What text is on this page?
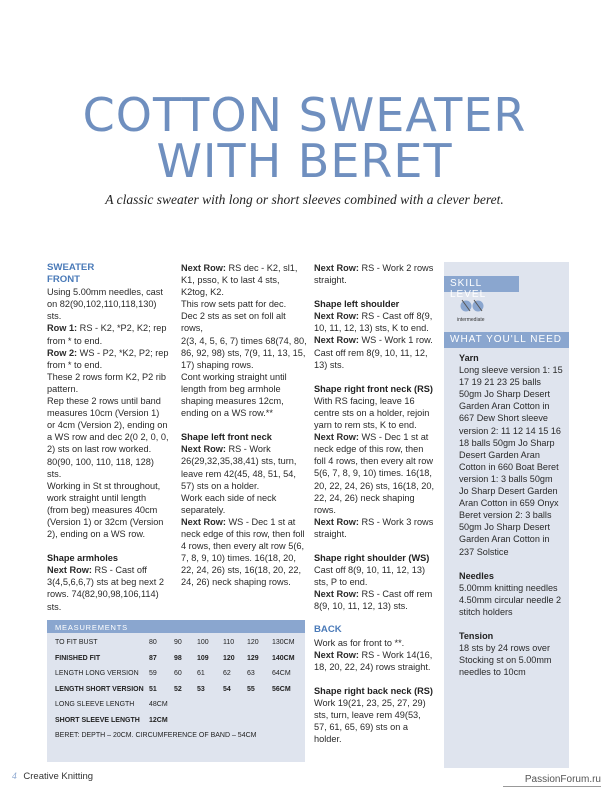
COTTON SWEATER
WITH BERET
A classic sweater with long or short sleeves combined with a clever beret.
SWEATER
FRONT
Using 5.00mm needles, cast on 82(90,102,110,118,130) sts.
Row 1: RS - K2, *P2, K2; rep from * to end.
Row 2: WS - P2, *K2, P2; rep from * to end.
These 2 rows form K2, P2 rib pattern.
Rep these 2 rows until band measures 10cm (Version 1) or 4cm (Version 2), ending on a WS row and dec 2(0 2, 0, 0, 2) sts on last row worked. 80(90, 100, 110, 118, 128) sts.
Working in St st throughout, work straight until length (from beg) measures 40cm (Version 1) or 32cm (Version 2), ending on a WS row.
Shape armholes
Next Row: RS - Cast off 3(4,5,6,6,7) sts at beg next 2 rows. 74(82,90,98,106,114) sts.
Next Row: RS dec - K2, sl1, K1, psso, K to last 4 sts, K2tog, K2.
This row sets patt for dec.
Dec 2 sts as set on foll alt rows,
2(3, 4, 5, 6, 7) times 68(74, 80, 86, 92, 98) sts, 7(9, 11, 13, 15, 17) shaping rows.
Cont working straight until length from beg armhole shaping measures 12cm, ending on a WS row.**
Shape left front neck
Next Row: RS - Work 26(29,32,35,38,41) sts, turn, leave rem 42(45, 48, 51, 54, 57) sts on a holder.
Work each side of neck separately.
Next Row: WS - Dec 1 st at neck edge of this row, then foll 4 rows, then every alt row 5(6, 7, 8, 9, 10) times. 16(18, 20, 22, 24, 26) sts, 16(18, 20, 22, 24, 26) neck shaping rows.
Next Row: RS - Work 2 rows straight.
Shape left shoulder
Next Row: RS - Cast off 8(9, 10, 11, 12, 13) sts, K to end.
Next Row: WS - Work 1 row. Cast off rem 8(9, 10, 11, 12, 13) sts.
Shape right front neck (RS)
With RS facing, leave 16 centre sts on a holder, rejoin yarn to rem sts, K to end.
Next Row: WS - Dec 1 st at neck edge of this row, then foll 4 rows, then every alt row 5(6, 7, 8, 9, 10) times. 16(18, 20, 22, 24, 26) sts, 16(18, 20, 22, 24, 26) neck shaping rows.
Next Row: RS - Work 3 rows straight.
Shape right shoulder (WS)
Cast off 8(9, 10, 11, 12, 13) sts, P to end.
Next Row: RS - Cast off rem 8(9, 10, 11, 12, 13) sts.
BACK
Work as for front to **.
Next Row: RS - Work 14(16, 18, 20, 22, 24) rows straight.
Shape right back neck (RS)
Work 19(21, 23, 25, 27, 29) sts, turn, leave rem 49(53, 57, 61, 65, 69) sts on a holder.
SKILL LEVEL
intermediate
WHAT YOU'LL NEED
Yarn
Long sleeve version 1: 15 17 19 21 23 25 balls 50gm Jo Sharp Desert Garden Aran Cotton in 667 Dew Short sleeve version 2: 11 12 14 15 16 18 balls 50gm Jo Sharp Desert Garden Aran Cotton in 660 Boat Beret version 1: 3 balls 50gm Jo Sharp Desert Garden Aran Cotton in 659 Onyx Beret version 2: 3 balls 50gm Jo Sharp Desert Garden Aran Cotton in 237 Solstice
Needles
5.00mm knitting needles 4.50mm circular needle 2 stitch holders
Tension
18 sts by 24 rows over Stocking st on 5.00mm needles to 10cm
MEASUREMENTS
TO FIT BUST	80 90 100 110 120 130CM
FINISHED FIT	87 98 109 120 129 140CM
LENGTH LONG VERSION 59 60 61	62 63 64CM
LENGTH SHORT VERSION 51 52 53	54 55 56CM
LONG SLEEVE LENGTH 48CM
SHORT SLEEVE LENGTH 12CM
BERET: DEPTH – 20CM. CIRCUMFERENCE OF BAND – 54CM
4 Creative Knitting	PassionForum.ru
